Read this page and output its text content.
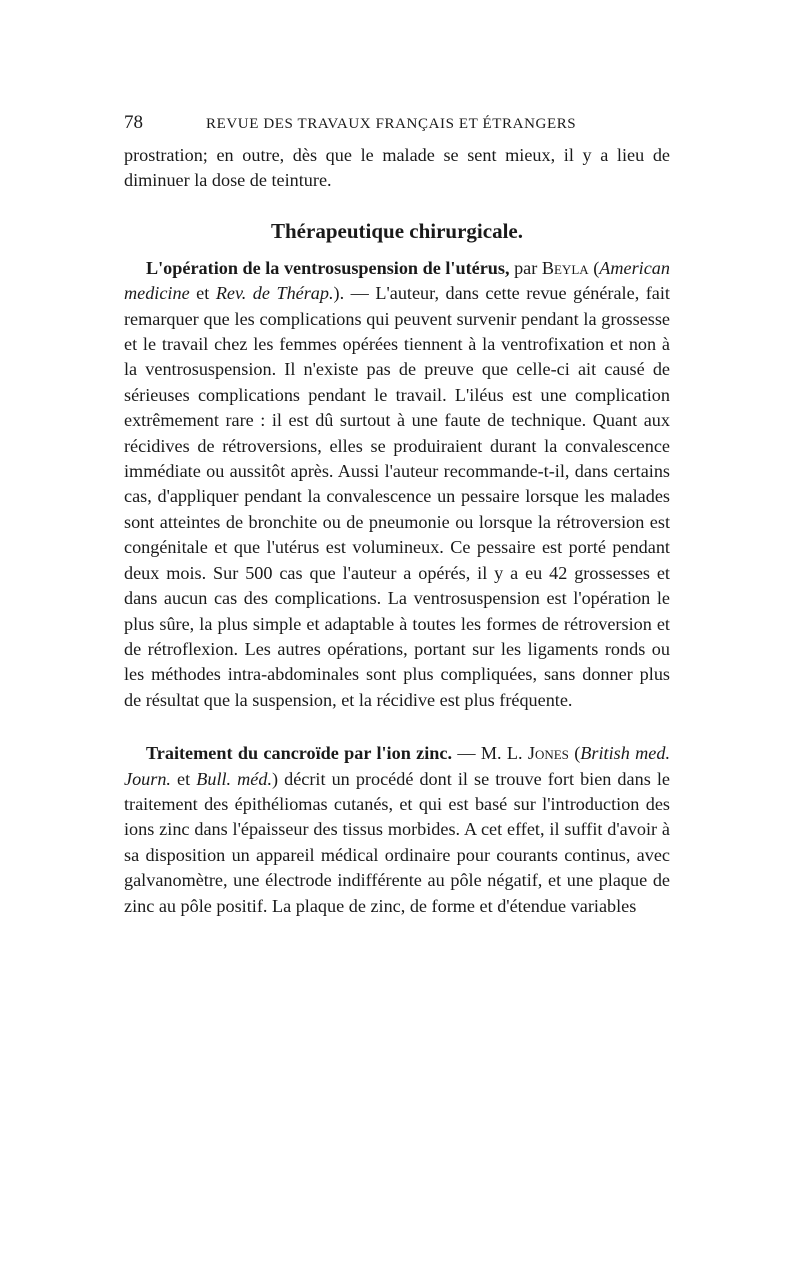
78	REVUE DES TRAVAUX FRANÇAIS ET ÉTRANGERS

prostration; en outre, dès que le malade se sent mieux, il y a lieu de diminuer la dose de teinture.

Thérapeutique chirurgicale.

L'opération de la ventrosuspension de l'utérus, par Beyla (American medicine et Rev. de Thérap.). — L'auteur, dans cette revue générale, fait remarquer que les complications qui peuvent survenir pendant la grossesse et le travail chez les femmes opérées tiennent à la ventrofixation et non à la ventrosuspension. Il n'existe pas de preuve que celle-ci ait causé de sérieuses complications pendant le travail. L'iléus est une complication extrêmement rare : il est dû surtout à une faute de technique. Quant aux récidives de rétroversions, elles se produiraient durant la convalescence immédiate ou aussitôt après. Aussi l'auteur recommande-t-il, dans certains cas, d'appliquer pendant la convalescence un pessaire lorsque les malades sont atteintes de bronchite ou de pneumonie ou lorsque la rétroversion est congénitale et que l'utérus est volumineux. Ce pessaire est porté pendant deux mois. Sur 500 cas que l'auteur a opérés, il y a eu 42 grossesses et dans aucun cas des complications. La ventrosuspension est l'opération le plus sûre, la plus simple et adaptable à toutes les formes de rétroversion et de rétroflexion. Les autres opérations, portant sur les ligaments ronds ou les méthodes intra-abdominales sont plus compliquées, sans donner plus de résultat que la suspension, et la récidive est plus fréquente.

Traitement du cancroïde par l'ion zinc. — M. L. Jones (British med. Journ. et Bull. méd.) décrit un procédé dont il se trouve fort bien dans le traitement des épithéliomas cutanés, et qui est basé sur l'introduction des ions zinc dans l'épaisseur des tissus morbides. A cet effet, il suffit d'avoir à sa disposition un appareil médical ordinaire pour courants continus, avec galvanomètre, une électrode indifférente au pôle négatif, et une plaque de zinc au pôle positif. La plaque de zinc, de forme et d'étendue variables
